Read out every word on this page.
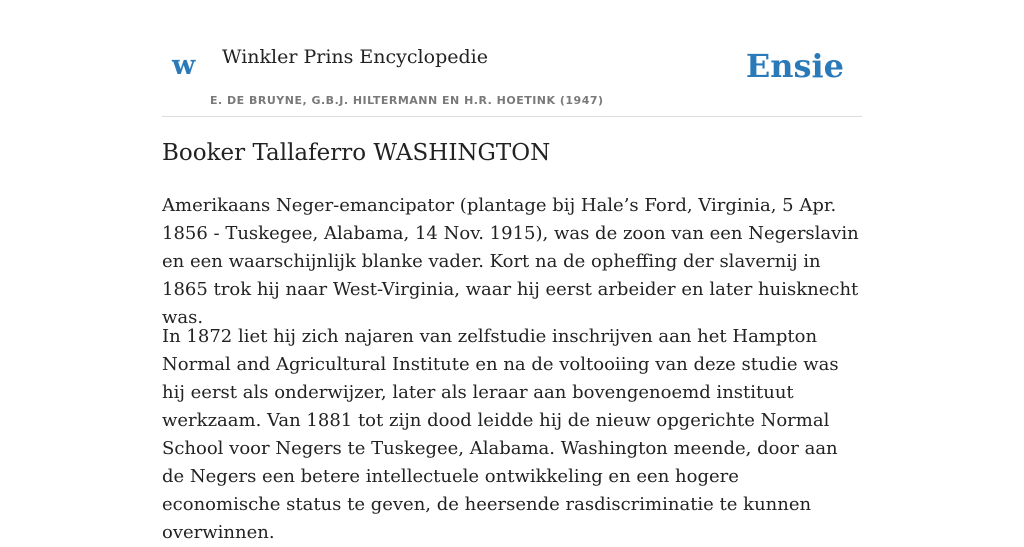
w Winkler Prins Encyclopedie
E. DE BRUYNE, G.B.J. HILTERMANN EN H.R. HOETINK (1947)
Ensie
Booker Tallaferro WASHINGTON

Amerikaans Neger-emancipator (plantage bij Hale’s Ford, Virginia, 5 Apr. 1856 - Tuskegee, Alabama, 14 Nov. 1915), was de zoon van een Negerslavin en een waarschijnlijk blanke vader. Kort na de opheffing der slavernij in 1865 trok hij naar West-Virginia, waar hij eerst arbeider en later huisknecht was.

In 1872 liet hij zich najaren van zelfstudie inschrijven aan het Hampton Normal and Agricultural Institute en na de voltooiing van deze studie was hij eerst als onderwijzer, later als leraar aan bovengenoemd instituut werkzaam. Van 1881 tot zijn dood leidde hij de nieuw opgerichte Normal School voor Negers te Tuskegee, Alabama. Washington meende, door aan de Negers een betere intellectuele ontwikkeling en een hogere economische status te geven, de heersende rasdiscriminatie te kunnen overwinnen.
